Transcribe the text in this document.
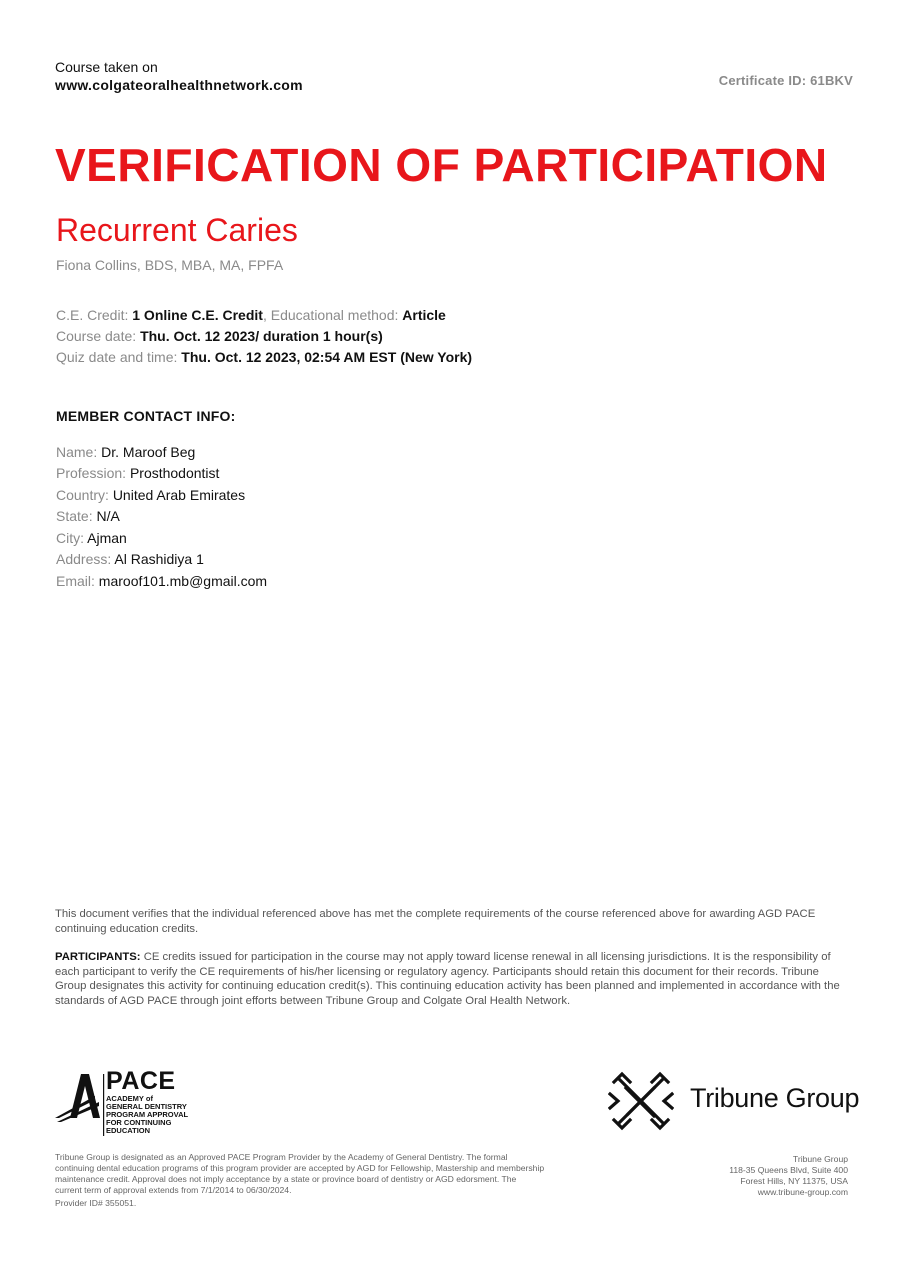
Course taken on
www.colgateoralhealthnetwork.com	Certificate ID: 61BKV
VERIFICATION OF PARTICIPATION
Recurrent Caries
Fiona Collins, BDS, MBA, MA, FPFA
C.E. Credit: 1 Online C.E. Credit, Educational method: Article
Course date: Thu. Oct. 12 2023/ duration 1 hour(s)
Quiz date and time: Thu. Oct. 12 2023, 02:54 AM EST (New York)
MEMBER CONTACT INFO:
Name: Dr. Maroof Beg
Profession: Prosthodontist
Country: United Arab Emirates
State: N/A
City: Ajman
Address: Al Rashidiya 1
Email: maroof101.mb@gmail.com
This document verifies that the individual referenced above has met the complete requirements of the course referenced above for awarding AGD PACE continuing education credits.
PARTICIPANTS: CE credits issued for participation in the course may not apply toward license renewal in all licensing jurisdictions. It is the responsibility of each participant to verify the CE requirements of his/her licensing or regulatory agency. Participants should retain this document for their records. Tribune Group designates this activity for continuing education credit(s). This continuing education activity has been planned and implemented in accordance with the standards of AGD PACE through joint efforts between Tribune Group and Colgate Oral Health Network.
PACE
ACADEMY of
GENERAL DENTISTRY
PROGRAM APPROVAL
FOR CONTINUING
EDUCATION
Tribune Group
Tribune Group is designated as an Approved PACE Program Provider by the Academy of General Dentistry. The formal continuing dental education programs of this program provider are accepted by AGD for Fellowship, Mastership and membership maintenance credit. Approval does not imply acceptance by a state or province board of dentistry or AGD edorsment. The current term of approval extends from 7/1/2014 to 06/30/2024.
Provider ID# 355051.
Tribune Group
118-35 Queens Blvd, Suite 400
Forest Hills, NY 11375, USA
www.tribune-group.com
